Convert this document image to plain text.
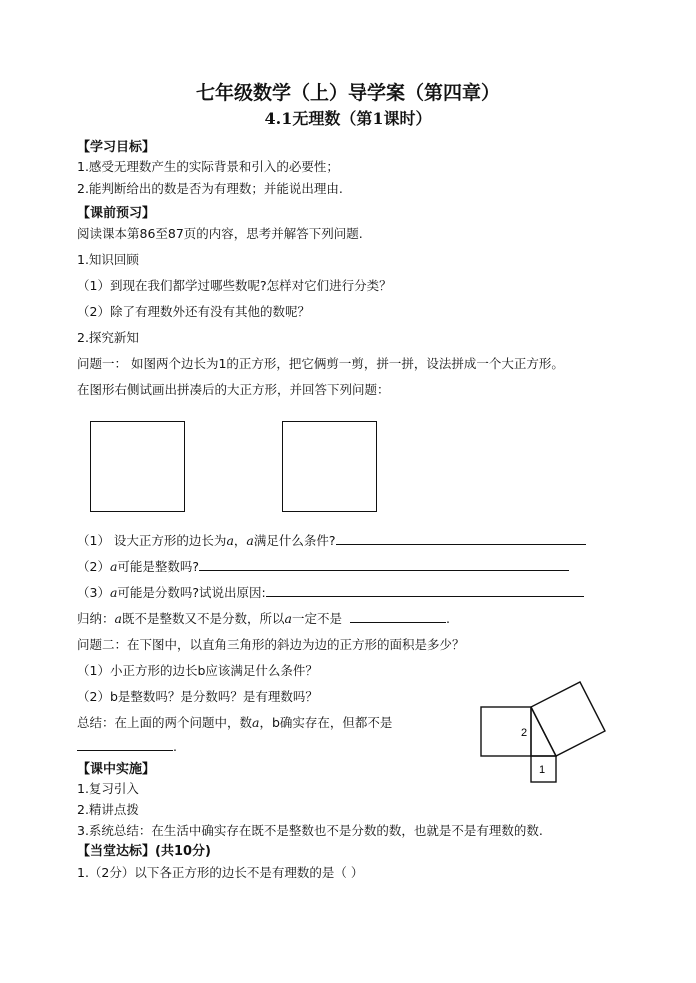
七年级数学（上）导学案（第四章）
4.1无理数（第1课时）
【学习目标】
1.感受无理数产生的实际背景和引入的必要性；
2.能判断给出的数是否为有理数；并能说出理由.
【课前预习】
阅读课本第86至87页的内容，思考并解答下列问题.
1.知识回顾
（1）到现在我们都学过哪些数呢?怎样对它们进行分类？
（2）除了有理数外还有没有其他的数呢？
2.探究新知
问题一： 如图两个边长为1的正方形，把它俩剪一剪，拼一拼，设法拼成一个大正方形。
在图形右侧试画出拼凑后的大正方形，并回答下列问题：
（1） 设大正方形的边长为a，a满足什么条件?
（2）a可能是整数吗?
（3）a可能是分数吗?试说出原因:
归纳：a既不是整数又不是分数，所以a一定不是	.
问题二：在下图中，以直角三角形的斜边为边的正方形的面积是多少？
（1）小正方形的边长b应该满足什么条件？
（2）b是整数吗？是分数吗？是有理数吗？
总结：在上面的两个问题中，数a，b确实存在，但都不是
.
2
1
【课中实施】
1.复习引入
2.精讲点拨
3.系统总结：在生活中确实存在既不是整数也不是分数的数，也就是不是有理数的数.
【当堂达标】(共10分)
1.（2分）以下各正方形的边长不是有理数的是（ ）
